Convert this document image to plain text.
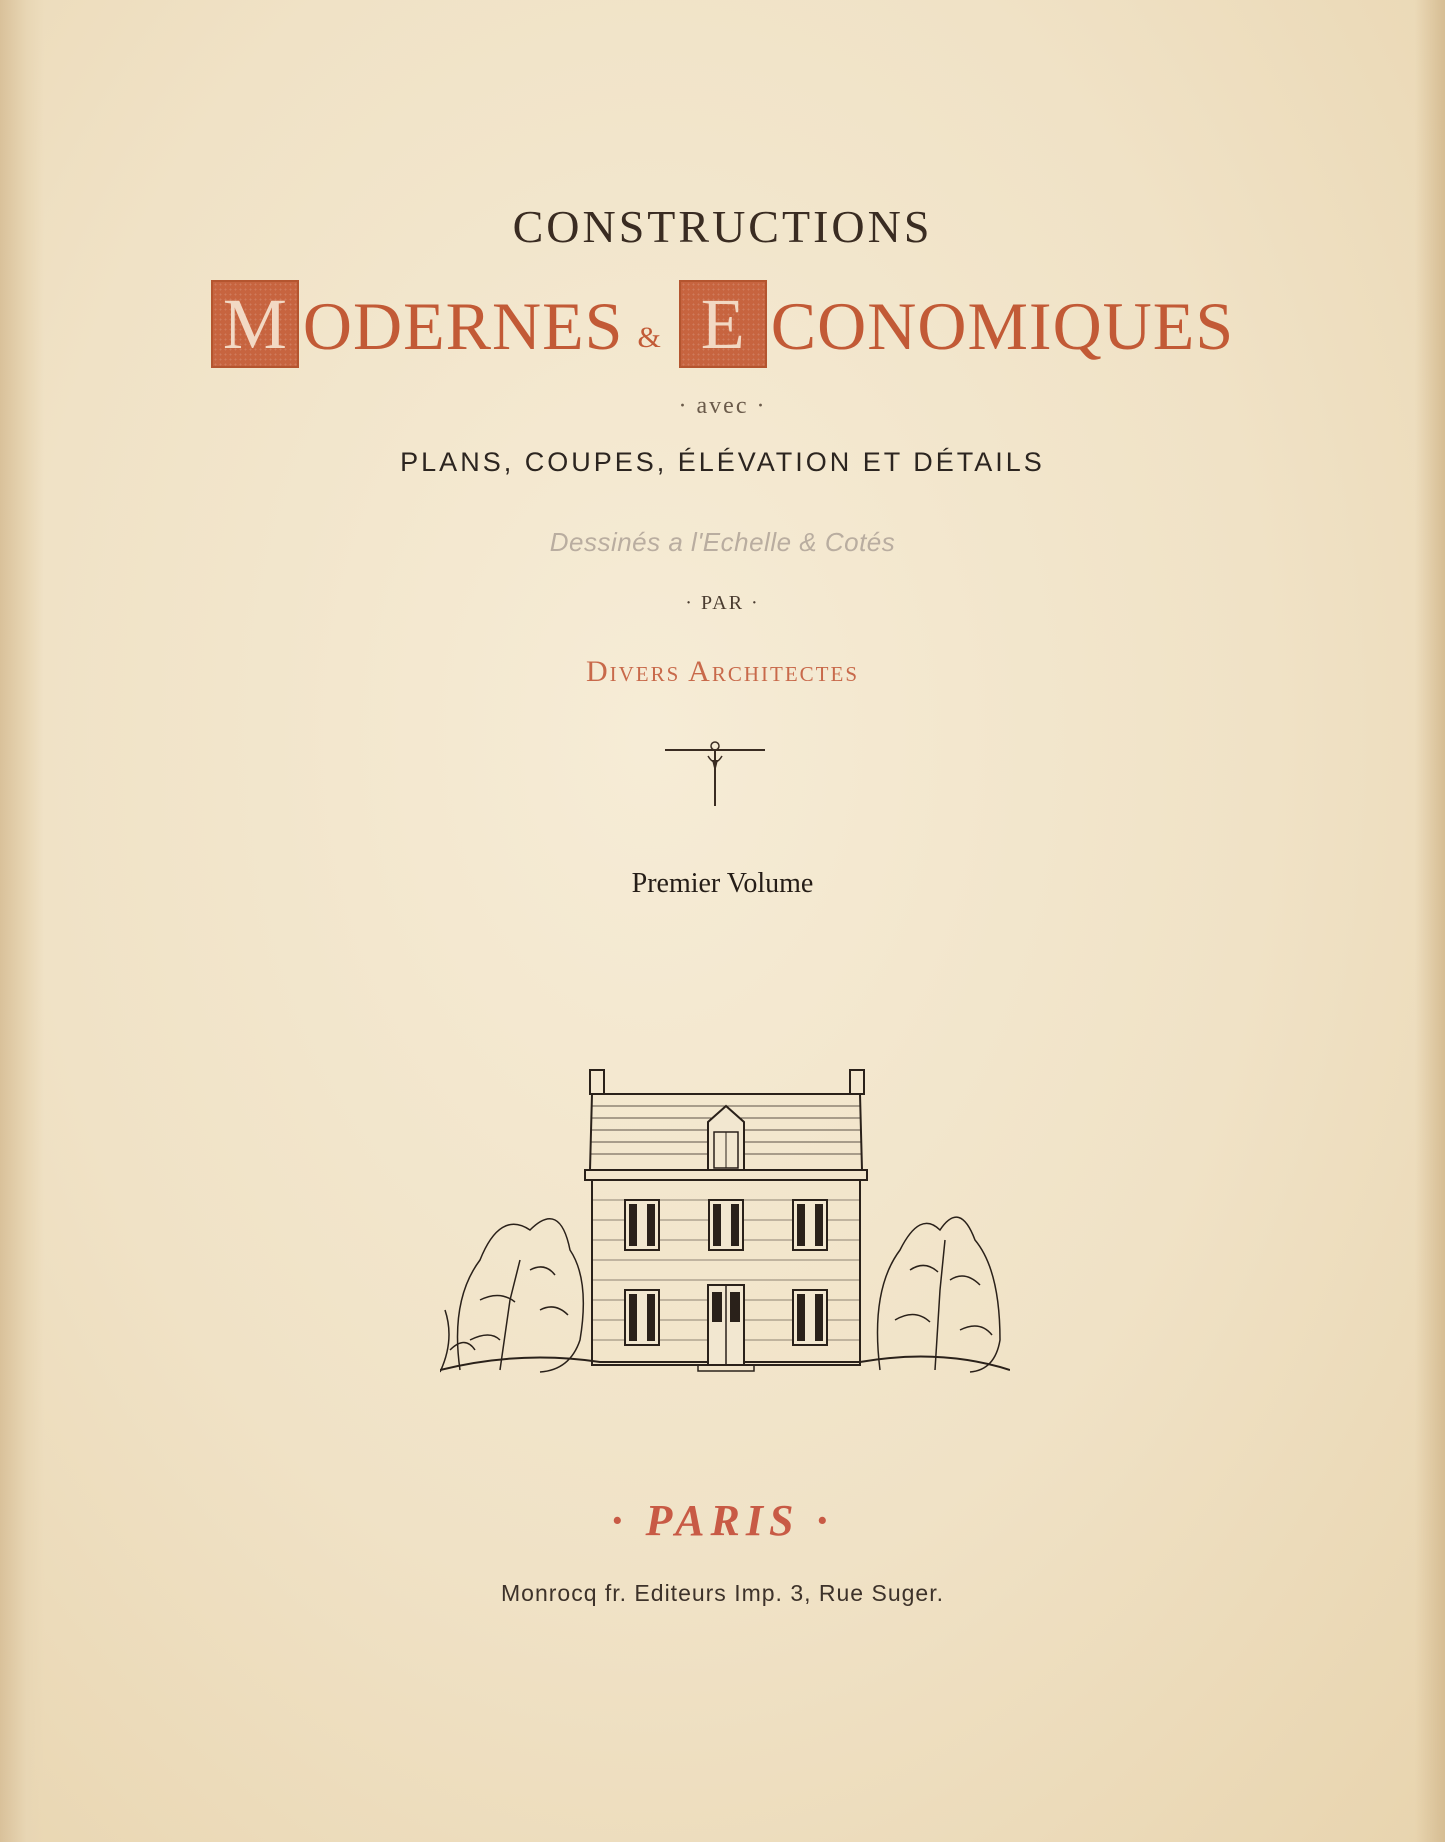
CONSTRUCTIONS
M ODERNES & E CONOMIQUES
· avec ·
PLANS, COUPES, ÉLÉVATION ET DÉTAILS
Dessinés a l'Echelle & Cotés
· PAR ·
Divers Architectes
Premier Volume
· PARIS ·
Monrocq fr. Editeurs Imp. 3, Rue Suger.
